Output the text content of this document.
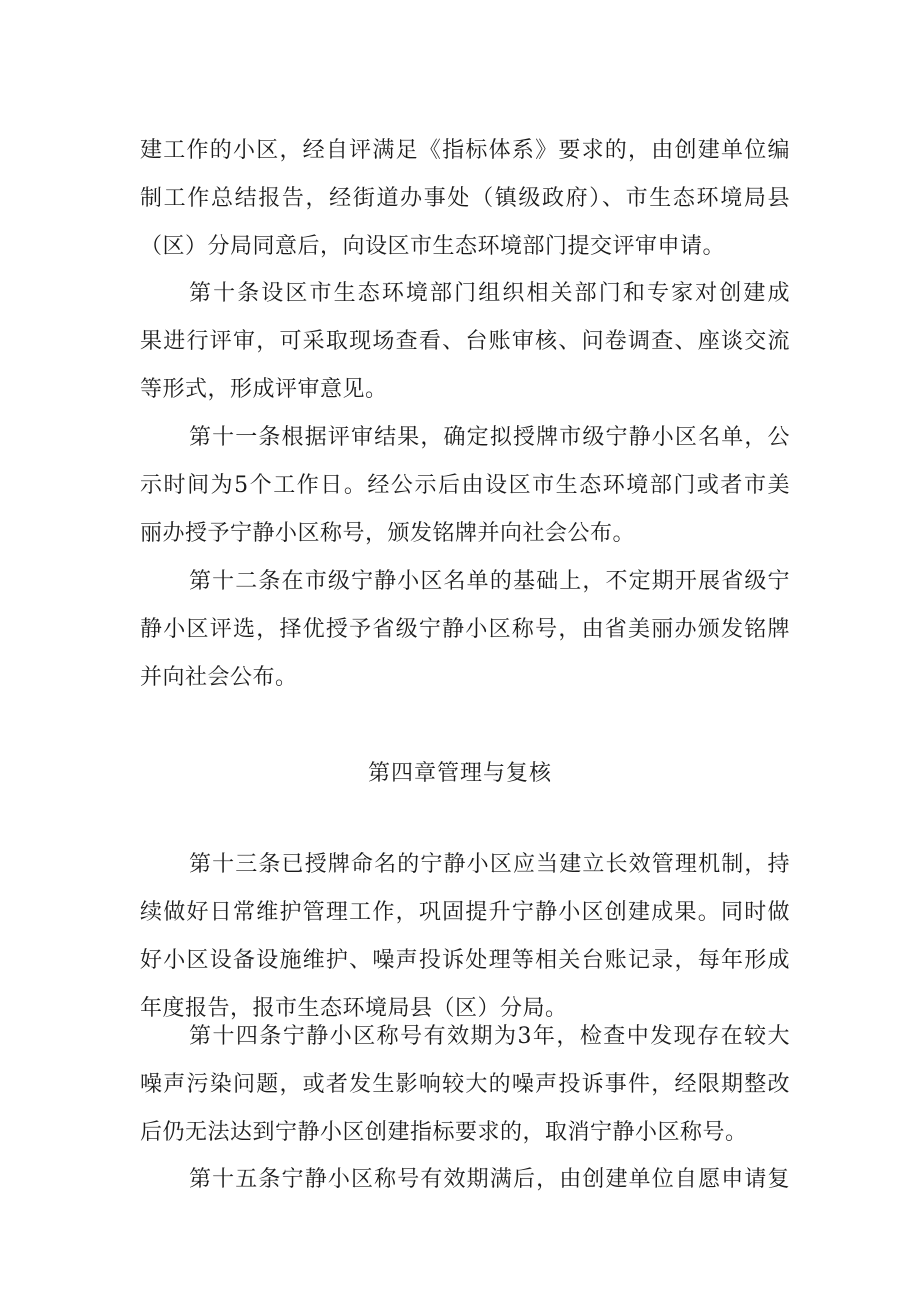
建工作的小区，经自评满足《指标体系》要求的，由创建单位编
制工作总结报告，经街道办事处（镇级政府）、市生态环境局县
（区）分局同意后，向设区市生态环境部门提交评审申请。
第十条设区市生态环境部门组织相关部门和专家对创建成
果进行评审，可采取现场查看、台账审核、问卷调查、座谈交流
等形式，形成评审意见。
第十一条根据评审结果，确定拟授牌市级宁静小区名单，公
示时间为5个工作日。经公示后由设区市生态环境部门或者市美
丽办授予宁静小区称号，颁发铭牌并向社会公布。
第十二条在市级宁静小区名单的基础上，不定期开展省级宁
静小区评选，择优授予省级宁静小区称号，由省美丽办颁发铭牌
并向社会公布。
第四章管理与复核
第十三条已授牌命名的宁静小区应当建立长效管理机制，持
续做好日常维护管理工作，巩固提升宁静小区创建成果。同时做
好小区设备设施维护、噪声投诉处理等相关台账记录，每年形成
年度报告，报市生态环境局县（区）分局。
第十四条宁静小区称号有效期为3年，检查中发现存在较大
噪声污染问题，或者发生影响较大的噪声投诉事件，经限期整改
后仍无法达到宁静小区创建指标要求的，取消宁静小区称号。
第十五条宁静小区称号有效期满后，由创建单位自愿申请复
